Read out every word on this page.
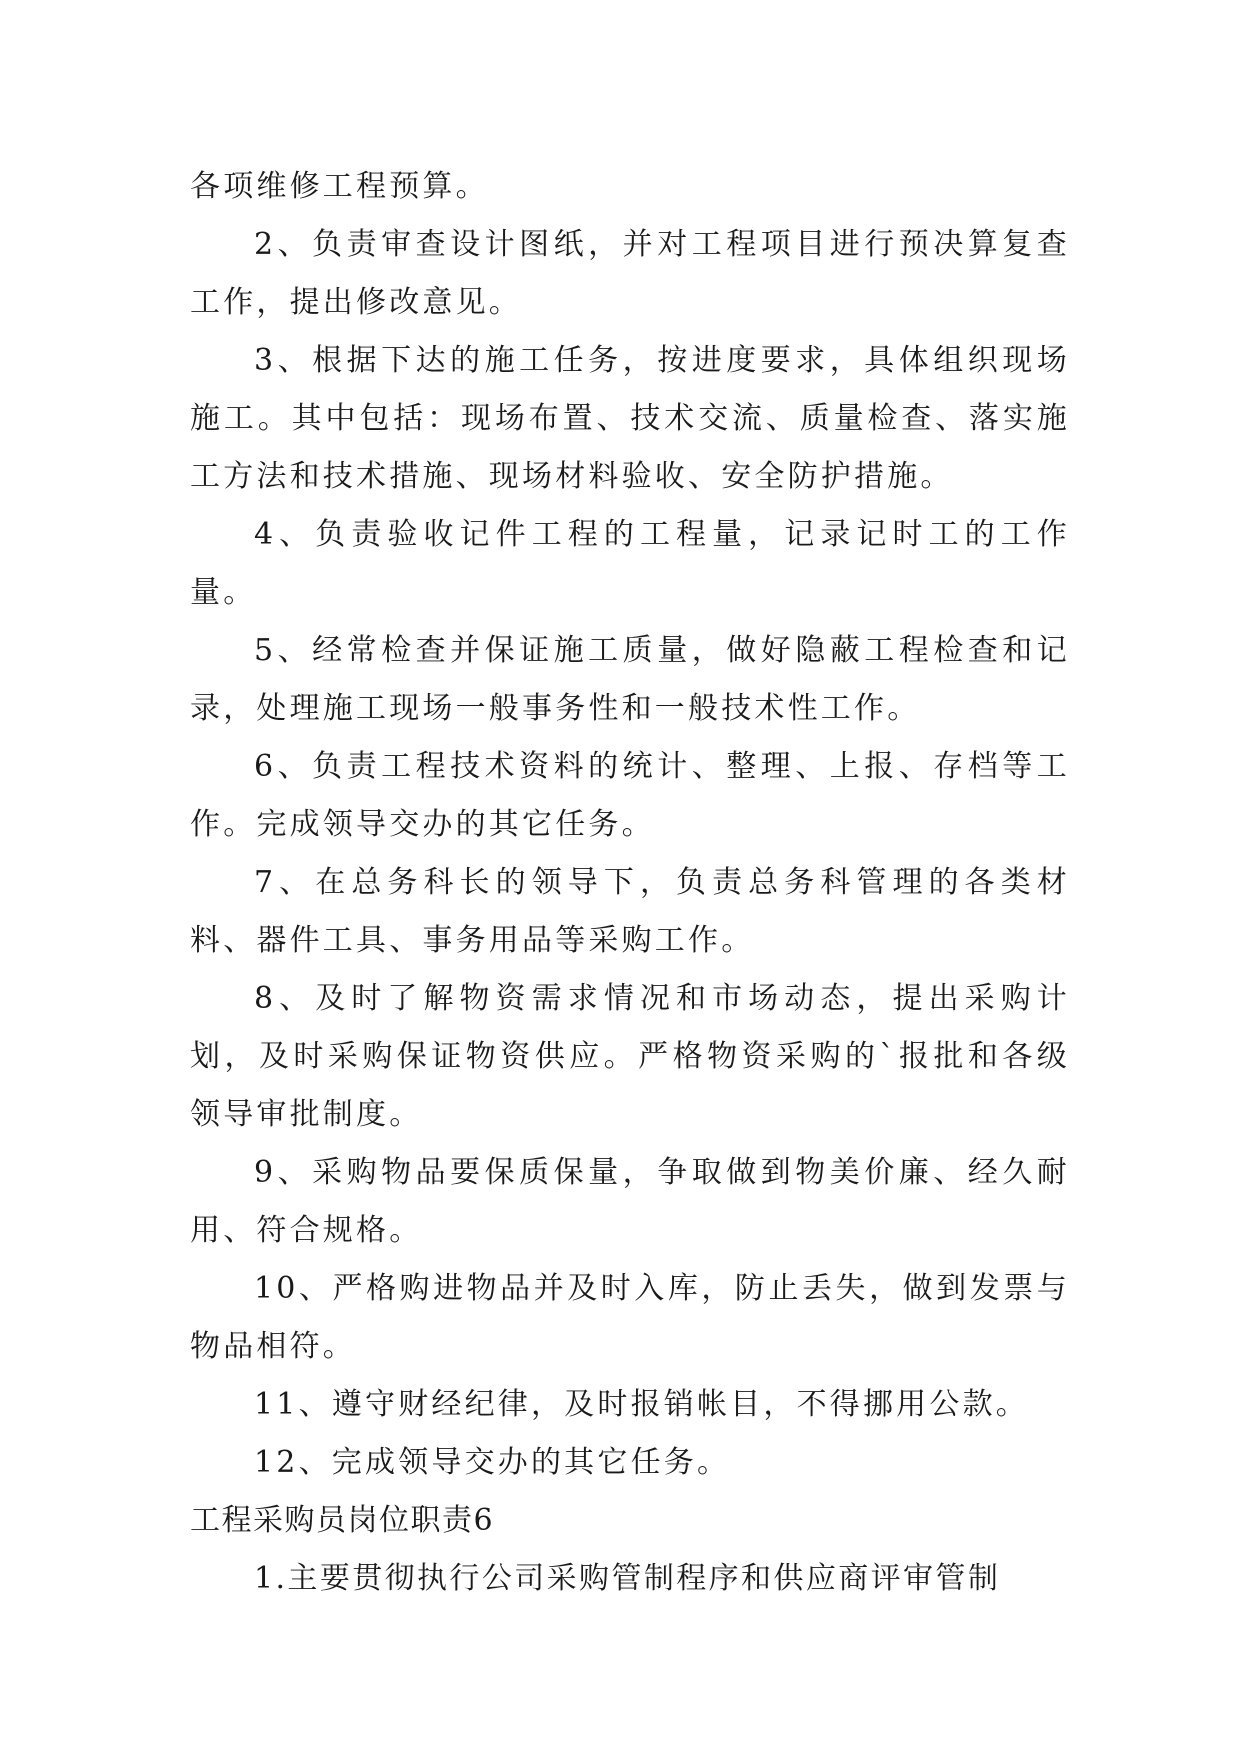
各项维修工程预算。

2、负责审查设计图纸，并对工程项目进行预决算复查工作，提出修改意见。

3、根据下达的施工任务，按进度要求，具体组织现场施工。其中包括：现场布置、技术交流、质量检查、落实施工方法和技术措施、现场材料验收、安全防护措施。

4、负责验收记件工程的工程量，记录记时工的工作量。

5、经常检查并保证施工质量，做好隐蔽工程检查和记录，处理施工现场一般事务性和一般技术性工作。

6、负责工程技术资料的统计、整理、上报、存档等工作。完成领导交办的其它任务。

7、在总务科长的领导下，负责总务科管理的各类材料、器件工具、事务用品等采购工作。

8、及时了解物资需求情况和市场动态，提出采购计划，及时采购保证物资供应。严格物资采购的`报批和各级领导审批制度。

9、采购物品要保质保量，争取做到物美价廉、经久耐用、符合规格。

10、严格购进物品并及时入库，防止丢失，做到发票与物品相符。

11、遵守财经纪律，及时报销帐目，不得挪用公款。

12、完成领导交办的其它任务。

工程采购员岗位职责6

1.主要贯彻执行公司采购管制程序和供应商评审管制
